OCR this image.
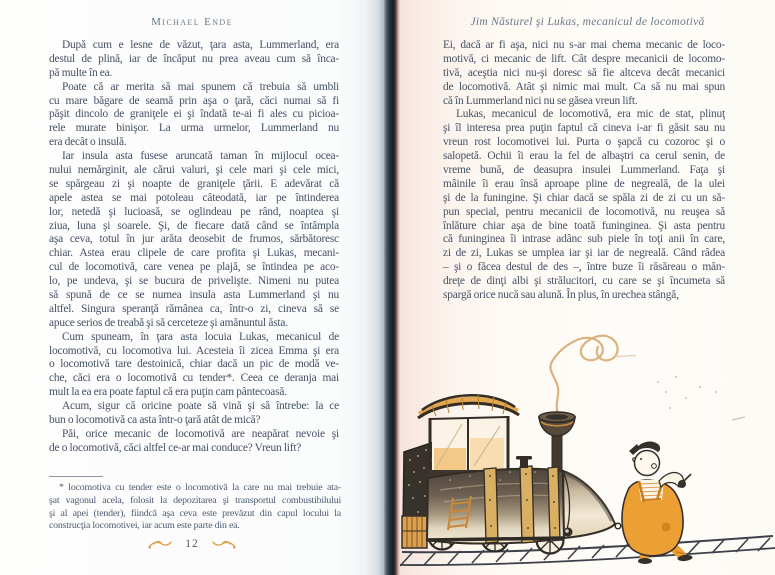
Michael Ende
După cum e lesne de văzut, ţara asta, Lummerland, era
destul de plină, iar de încăput nu prea aveau cum să înca-
pă multe în ea.
Poate că ar merita să mai spunem că trebuia să umbli
cu mare băgare de seamă prin aşa o ţară, căci numai să fi
păşit dincolo de graniţele ei şi îndată te-ai fi ales cu picioa-
rele murate binişor. La urma urmelor, Lummerland nu
era decât o insulă.
Iar insula asta fusese aruncată taman în mijlocul ocea-
nului nemărginit, ale cărui valuri, şi cele mari şi cele mici,
se spărgeau zi şi noapte de graniţele ţării. E adevărat că
apele astea se mai potoleau câteodată, iar pe întinderea
lor, netedă şi lucioasă, se oglindeau pe rând, noaptea şi
ziua, luna şi soarele. Şi, de fiecare dată când se întâmpla
aşa ceva, totul în jur arăta deosebit de frumos, sărbătoresc
chiar. Astea erau clipele de care profita şi Lukas, mecani-
cul de locomotivă, care venea pe plajă, se întindea pe aco-
lo, pe undeva, şi se bucura de privelişte. Nimeni nu putea
să spună de ce se numea insula asta Lummerland şi nu
altfel. Singura speranţă rămânea ca, într-o zi, cineva să se
apuce serios de treabă şi să cerceteze şi amănuntul ăsta.
Cum spuneam, în ţara asta locuia Lukas, mecanicul de
locomotivă, cu locomotiva lui. Acesteia îi zicea Emma şi era
o locomotivă tare destoinică, chiar dacă un pic de modă ve-
che, căci era o locomotivă cu tender*. Ceea ce deranja mai
mult la ea era poate faptul că era puţin cam pântecoasă.
Acum, sigur că oricine poate să vină şi să întrebe: la ce
bun o locomotivă ca asta într-o ţară atât de mică?
Păi, orice mecanic de locomotivă are neapărat nevoie şi
de o locomotivă, căci altfel ce-ar mai conduce? Vreun lift?
* locomotiva cu tender este o locomotivă la care nu mai trebuie ata-
şat vagonul acela, folosit la depozitarea şi transportul combustibilului
şi al apei (tender), fiindcă aşa ceva este prevăzut din capul locului la
construcţia locomotivei, iar acum este parte din ea.
12
Jim Năsturel şi Lukas, mecanicul de locomotivă
Ei, dacă ar fi aşa, nici nu s-ar mai chema mecanic de loco-
motivă, ci mecanic de lift. Cât despre mecanicii de locomo-
tivă, aceştia nici nu-şi doresc să fie altceva decât mecanici
de locomotivă. Atât şi nimic mai mult. Ca să nu mai spun
că în Lummerland nici nu se găsea vreun lift.
Lukas, mecanicul de locomotivă, era mic de stat, plinuţ
şi îl interesa prea puţin faptul că cineva i-ar fi găsit sau nu
vreun rost locomotivei lui. Purta o şapcă cu cozoroc şi o
salopetă. Ochii îi erau la fel de albaştri ca cerul senin, de
vreme bună, de deasupra insulei Lummerland. Faţa şi
mâinile îi erau însă aproape pline de negreală, de la ulei
şi de la funingine. Şi chiar dacă se spăla zi de zi cu un să-
pun special, pentru mecanicii de locomotivă, nu reuşea să
înlăture chiar aşa de bine toată funinginea. Şi asta pentru
că funinginea îi intrase adânc sub piele în toţi anii în care,
zi de zi, Lukas se umplea iar şi iar de negreală. Când râdea
– şi o făcea destul de des –, între buze îi răsăreau o mân-
dreţe de dinţi albi şi strălucitori, cu care se şi încumeta să
spargă orice nucă sau alună. În plus, în urechea stângă,
